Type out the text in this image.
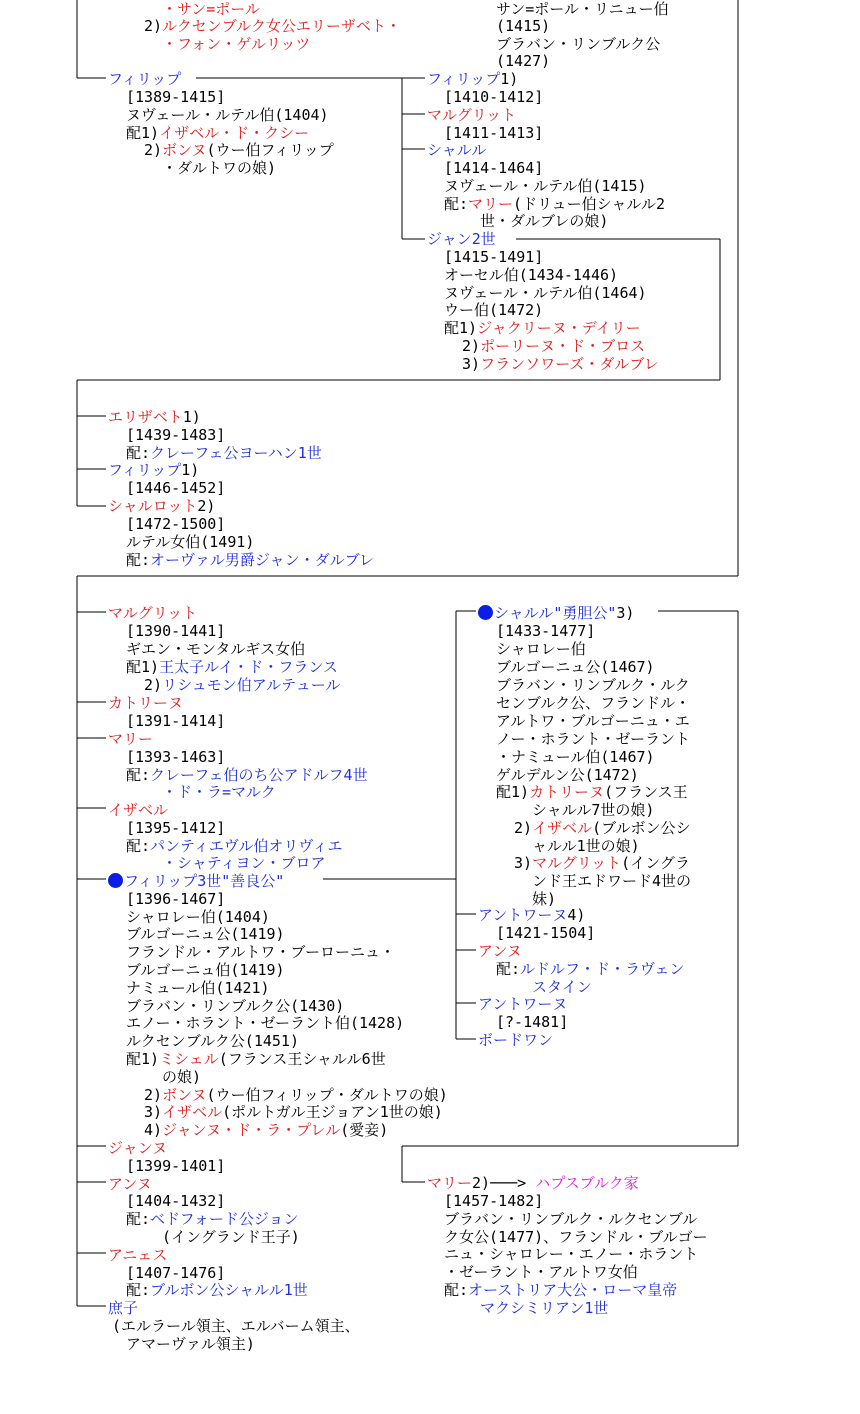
・サン=ポール
2)ルクセンブルク女公エリーザベト・
・フォン・ゲルリッツ
サン=ポール・リニュー伯
(1415)
ブラバン・リンブルク公
(1427)
フィリップ
[1389-1415]
ヌヴェール・ルテル伯(1404)
配1)イザベル・ド・クシー
2)ボンヌ(ウー伯フィリップ
・ダルトワの娘)
フィリップ1)
[1410-1412]
マルグリット
[1411-1413]
シャルル
[1414-1464]
ヌヴェール・ルテル伯(1415)
配:マリー(ドリュー伯シャルル2
世・ダルブレの娘)
ジャン2世
[1415-1491]
オーセル伯(1434-1446)
ヌヴェール・ルテル伯(1464)
ウー伯(1472)
配1)ジャクリーヌ・デイリー
2)ポーリーヌ・ド・ブロス
3)フランソワーズ・ダルブレ
エリザベト1)
[1439-1483]
配:クレーフェ公ヨーハン1世
フィリップ1)
[1446-1452]
シャルロット2)
[1472-1500]
ルテル女伯(1491)
配:オーヴァル男爵ジャン・ダルブレ
マルグリット
[1390-1441]
ギエン・モンタルギス女伯
配1)王太子ルイ・ド・フランス
2)リシュモン伯アルテュール
カトリーヌ
[1391-1414]
マリー
[1393-1463]
配:クレーフェ伯のち公アドルフ4世
・ド・ラ=マルク
イザベル
[1395-1412]
配:パンティエヴル伯オリヴィエ
・シャティヨン・ブロア
フィリップ3世"善良公"
[1396-1467]
シャロレー伯(1404)
ブルゴーニュ公(1419)
フランドル・アルトワ・ブーローニュ・
ブルゴーニュ伯(1419)
ナミュール伯(1421)
ブラバン・リンブルク公(1430)
エノー・ホラント・ゼーラント伯(1428)
ルクセンブルク公(1451)
配1)ミシェル(フランス王シャルル6世
の娘)
2)ボンヌ(ウー伯フィリップ・ダルトワの娘)
3)イザベル(ポルトガル王ジョアン1世の娘)
4)ジャンヌ・ド・ラ・プレル(愛妾)
ジャンヌ
[1399-1401]
アンヌ
[1404-1432]
配:ベドフォード公ジョン
(イングランド王子)
アニェス
[1407-1476]
配:ブルボン公シャルル1世
庶子
(エルラール領主、エルバーム領主、
アマーヴァル領主)
シャルル"勇胆公"3)
[1433-1477]
シャロレー伯
ブルゴーニュ公(1467)
ブラバン・リンブルク・ルク
センブルク公、フランドル・
アルトワ・ブルゴーニュ・エ
ノー・ホラント・ゼーラント
・ナミュール伯(1467)
ゲルデルン公(1472)
配1)カトリーヌ(フランス王
シャルル7世の娘)
2)イザベル(ブルボン公シ
ャルル1世の娘)
3)マルグリット(イングラ
ンド王エドワード4世の
妹)
アントワーヌ4)
[1421-1504]
アンヌ
配:ルドルフ・ド・ラヴェン
スタイン
アントワーヌ
[?-1481]
ボードワン
マリー2)───> ハプスブルク家
[1457-1482]
ブラバン・リンブルク・ルクセンブル
ク女公(1477)、フランドル・ブルゴー
ニュ・シャロレー・エノー・ホラント
・ゼーラント・アルトワ女伯
配:オーストリア大公・ローマ皇帝
マクシミリアン1世
